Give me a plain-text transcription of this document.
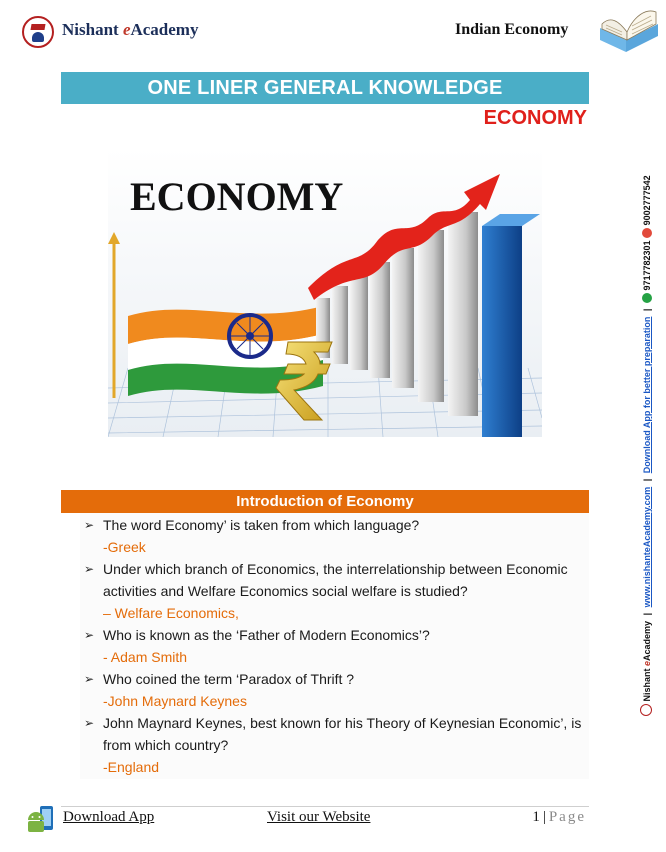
Nishant eAcademy	Indian Economy
ONE LINER GENERAL KNOWLEDGE
ECONOMY
ECONOMY
Nishant eAcademy | www.nishanteAcademy.com | Download App for better preparation |  9717782301  9002777542
Introduction of Economy
➢ The word Economy’ is taken from which language?
-Greek
➢ Under which branch of Economics, the interrelationship between Economic activities and Welfare Economics social welfare is studied?
– Welfare Economics,
➢ Who is known as the ‘Father of Modern Economics’?
- Adam Smith
➢ Who coined the term ‘Paradox of Thrift ?
-John Maynard Keynes
➢ John Maynard Keynes, best known for his Theory of Keynesian Economic’, is from which country?
-England
Download App	Visit our Website	1 | Page
